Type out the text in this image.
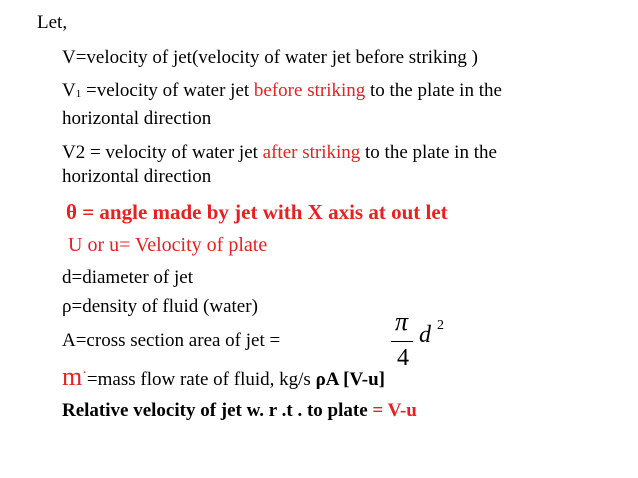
Let,
V=velocity of jet(velocity of water jet before striking )
V1 =velocity of water jet before striking to the plate in the
horizontal direction
V2 = velocity of water jet after striking to the plate in the
horizontal direction
θ = angle made by jet with X axis at out let
U or u= Velocity of plate
d=diameter of jet
ρ=density of fluid (water)
A=cross section area of jet =
π
4
d 2
m·=mass flow rate of fluid, kg/s ρA [V-u]
Relative velocity of jet w. r .t . to plate = V-u
